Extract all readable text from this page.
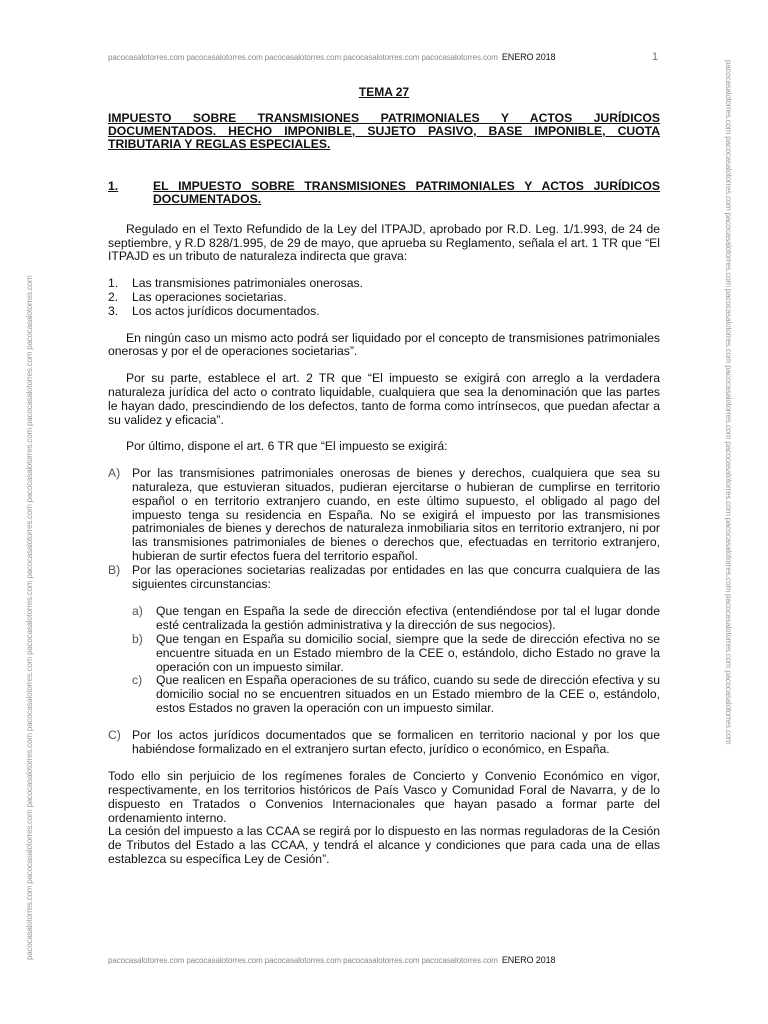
pacocasalotorres.com pacocasalotorres.com pacocasalotorres.com pacocasalotorres.com pacocasalotorres.com ENERO 2018	1
pacocasalotorres.com pacocasalotorres.com pacocasalotorres.com pacocasalotorres.com pacocasalotorres.com pacocasalotorres.com pacocasalotorres.com pacocasalotorres.com pacocasalotorres.com	pacocasalotorres.com pacocasalotorres.com pacocasalotorres.com pacocasalotorres.com pacocasalotorres.com pacocasalotorres.com pacocasalotorres.com pacocasalotorres.com pacocasalotorres.com
TEMA 27
IMPUESTO SOBRE TRANSMISIONES PATRIMONIALES Y ACTOS JURÍDICOS DOCUMENTADOS. HECHO IMPONIBLE, SUJETO PASIVO, BASE IMPONIBLE, CUOTA TRIBUTARIA Y REGLAS ESPECIALES.
1.	EL IMPUESTO SOBRE TRANSMISIONES PATRIMONIALES Y ACTOS JURÍDICOS DOCUMENTADOS.

Regulado en el Texto Refundido de la Ley del ITPAJD, aprobado por R.D. Leg. 1/1.993, de 24 de septiembre, y R.D 828/1.995, de 29 de mayo, que aprueba su Reglamento, señala el art. 1 TR que “El ITPAJD es un tributo de naturaleza indirecta que grava:

1.	Las transmisiones patrimoniales onerosas.
2.	Las operaciones societarias.
3.	Los actos jurídicos documentados.

En ningún caso un mismo acto podrá ser liquidado por el concepto de transmisiones patrimoniales onerosas y por el de operaciones societarias”.

Por su parte, establece el art. 2 TR que “El impuesto se exigirá con arreglo a la verdadera naturaleza jurídica del acto o contrato liquidable, cualquiera que sea la denominación que las partes le hayan dado, prescindiendo de los defectos, tanto de forma como intrínsecos, que puedan afectar a su validez y eficacia”.

Por último, dispone el art. 6 TR que “El impuesto se exigirá:

A) Por las transmisiones patrimoniales onerosas de bienes y derechos, cualquiera que sea su naturaleza, que estuvieran situados, pudieran ejercitarse o hubieran de cumplirse en territorio español o en territorio extranjero cuando, en este último supuesto, el obligado al pago del impuesto tenga su residencia en España. No se exigirá el impuesto por las transmisiones patrimoniales de bienes y derechos de naturaleza inmobiliaria sitos en territorio extranjero, ni por las transmisiones patrimoniales de bienes o derechos que, efectuadas en territorio extranjero, hubieran de surtir efectos fuera del territorio español.
B) Por las operaciones societarias realizadas por entidades en las que concurra cualquiera de las siguientes circunstancias:
a)	Que tengan en España la sede de dirección efectiva (entendiéndose por tal el lugar donde esté centralizada la gestión administrativa y la dirección de sus negocios).
b)	Que tengan en España su domicilio social, siempre que la sede de dirección efectiva no se encuentre situada en un Estado miembro de la CEE o, estándolo, dicho Estado no grave la operación con un impuesto similar.
c)	Que realicen en España operaciones de su tráfico, cuando su sede de dirección efectiva y su domicilio social no se encuentren situados en un Estado miembro de la CEE o, estándolo, estos Estados no graven la operación con un impuesto similar.
C) Por los actos jurídicos documentados que se formalicen en territorio nacional y por los que habiéndose formalizado en el extranjero surtan efecto, jurídico o económico, en España.

Todo ello sin perjuicio de los regímenes forales de Concierto y Convenio Económico en vigor, respectivamente, en los territorios históricos de País Vasco y Comunidad Foral de Navarra, y de lo dispuesto en Tratados o Convenios Internacionales que hayan pasado a formar parte del ordenamiento interno.

La cesión del impuesto a las CCAA se regirá por lo dispuesto en las normas reguladoras de la Cesión de Tributos del Estado a las CCAA, y tendrá el alcance y condiciones que para cada una de ellas establezca su específica Ley de Cesión”.

pacocasalotorres.com pacocasalotorres.com pacocasalotorres.com pacocasalotorres.com pacocasalotorres.com ENERO 2018
